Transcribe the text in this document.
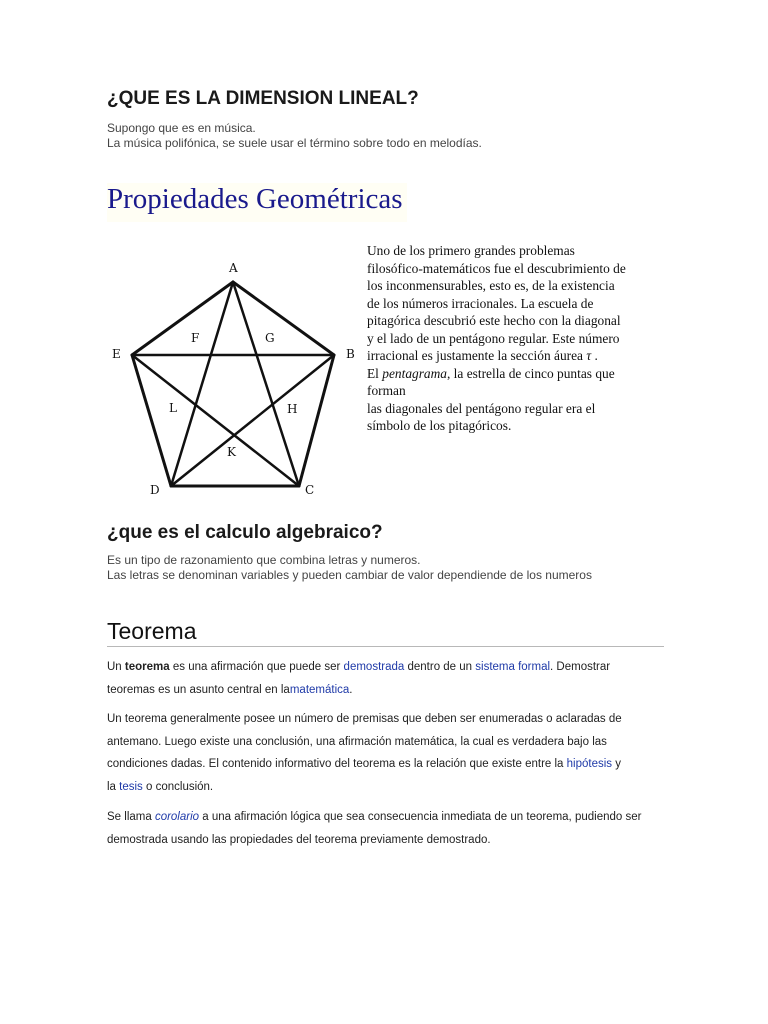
¿QUE ES LA DIMENSION LINEAL?
Supongo que es en música.
La música polifónica, se suele usar el término sobre todo en melodías.
Propiedades Geométricas
A
B
C
D
E
F	G
H
K
L
Uno de los primero grandes problemas
filosófico-matemáticos fue el descubrimiento de
los inconmensurables, esto es, de la existencia
de los números irracionales. La escuela de
pitagórica descubrió este hecho con la diagonal
y el lado de un pentágono regular. Este número
irracional es justamente la sección áurea τ .
El pentagrama, la estrella de cinco puntas que
forman
las diagonales del pentágono regular era el
símbolo de los pitagóricos.
¿que es el calculo algebraico?
Es un tipo de razonamiento que combina letras y numeros.
Las letras se denominan variables y pueden cambiar de valor dependiende de los numeros
Teorema
Un teorema es una afirmación que puede ser demostrada dentro de un sistema formal. Demostrar
teoremas es un asunto central en lamatemática.
Un teorema generalmente posee un número de premisas que deben ser enumeradas o aclaradas de
antemano. Luego existe una conclusión, una afirmación matemática, la cual es verdadera bajo las
condiciones dadas. El contenido informativo del teorema es la relación que existe entre la hipótesis y
la tesis o conclusión.
Se llama corolario a una afirmación lógica que sea consecuencia inmediata de un teorema, pudiendo ser
demostrada usando las propiedades del teorema previamente demostrado.
